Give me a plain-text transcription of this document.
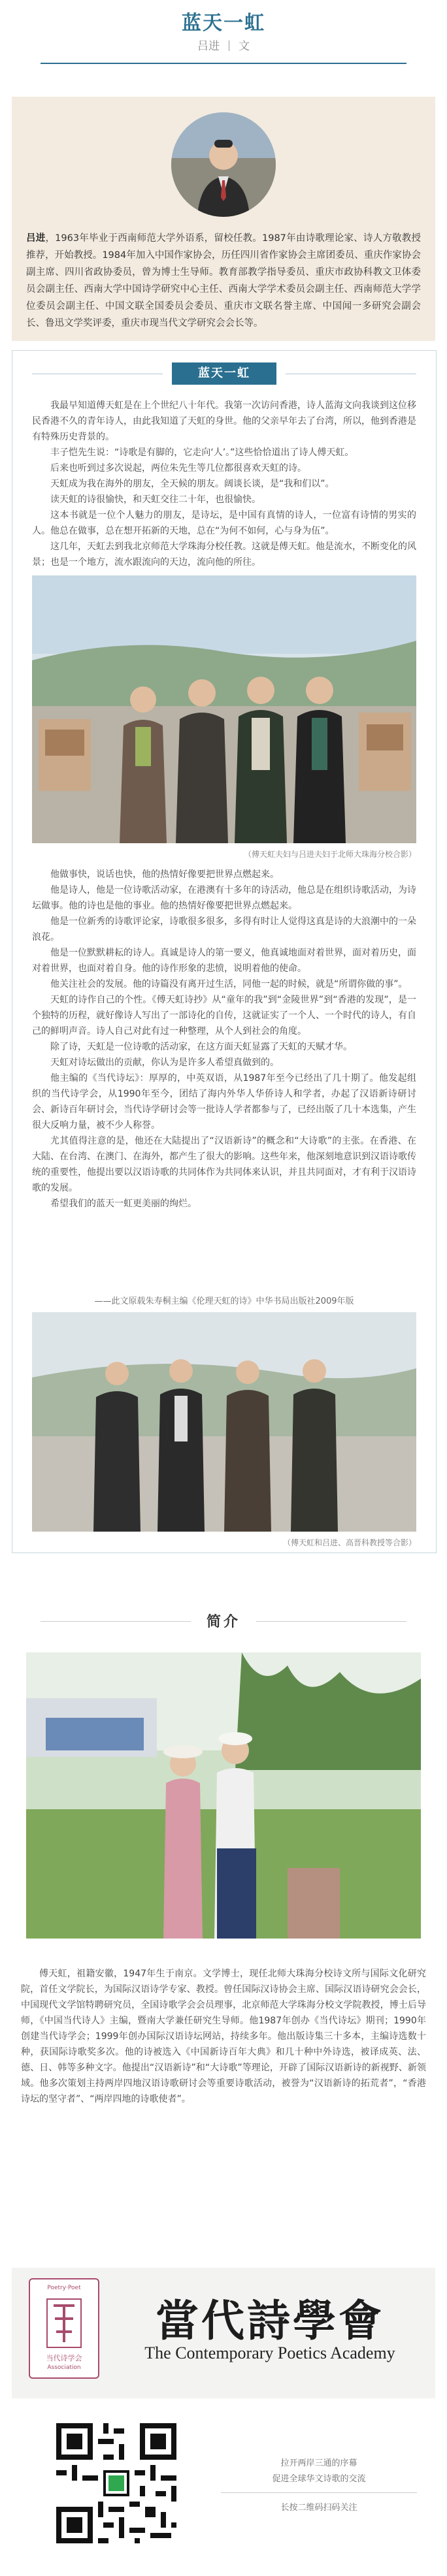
蓝天一虹
吕进 文
吕进，1963年毕业于西南师范大学外语系，留校任教。1987年由诗歌理论家、诗人方敬教授推荐，开始教授。1984年加入中国作家协会，历任四川省作家协会主席团委员、重庆作家协会副主席、四川省政协委员，曾为博士生导师。教育部教学指导委员、重庆市政协科教文卫体委员会副主任、西南大学中国诗学研究中心主任、西南大学学术委员会副主任、西南师范大学学位委员会副主任、中国文联全国委员会委员、重庆市文联名誉主席、中国闻一多研究会副会长、鲁迅文学奖评委，重庆市现当代文学研究会会长等。
蓝天一虹

我最早知道傅天虹是在上个世纪八十年代。我第一次访问香港，诗人蓝海文向我谈到这位移民香港不久的青年诗人，由此我知道了天虹的身世。他的父亲早年去了台湾，所以，他到香港是有特殊历史背景的。

丰子恺先生说：“诗歌是有脚的，它走向‘人’。”这些恰恰道出了诗人傅天虹。

后来也听到过多次说起，两位朱先生等几位都很喜欢天虹的诗。

天虹成为我在海外的朋友，全天候的朋友。阔谈长谈，是“我和们以”。

读天虹的诗很愉快，和天虹交往二十年，也很愉快。

这本书就是一位个人魅力的朋友，是诗坛，是中国有真情的诗人，一位富有诗情的男实的人。他总在做事，总在想开拓新的天地，总在“为何不如何，心与身为伍”。

这几年，天虹去到我北京师范大学珠海分校任教。这就是傅天虹。他是流水，不断变化的风景；也是一个地方，流水跟流向的天边，流向他的所往。

（傅天虹夫妇与吕进夫妇于北师大珠海分校合影）

他做事快，说话也快，他的热情好像要把世界点燃起来。

他是诗人，他是一位诗歌活动家，在港澳有十多年的诗活动，他总是在组织诗歌活动，为诗坛做事。他的诗也是他的事业。他的热情好像要把世界点燃起来。

他是一位新秀的诗歌评论家，诗歌很多很多，多得有时让人觉得这真是诗的大浪潮中的一朵浪花。

他是一位默默耕耘的诗人。真诚是诗人的第一要义，他真诚地面对着世界，面对着历史，面对着世界，也面对着自身。他的诗作形象的悲愤，说明着他的使命。

他关注社会的发展。他的诗篇没有离开过生活，同他一起的时候，就是“所谓你做的事”。

天虹的诗作自己的个性。《傅天虹诗抄》从“童年的我”到“金陵世界”到“香港的发现”，是一个独特的历程，就好像诗人写出了一部诗化的自传，这就证实了一个人、一个时代的诗人，有自己的鲜明声音。诗人自己对此有过一种整理，从个人到社会的角度。

除了诗，天虹是一位诗歌的活动家，在这方面天虹显露了天虹的天赋才华。

天虹对诗坛做出的贡献，你认为是许多人希望真做到的。

他主编的《当代诗坛》：厚厚的，中英双语，从1987年至今已经出了几十期了。他发起组织的当代诗学会，从1990年至今，团结了海内外华人华侨诗人和学者，办起了汉语新诗研讨会、新诗百年研讨会，当代诗学研讨会等一批诗人学者都参与了，已经出版了几十本选集，产生很大反响力量，被不少人称誉。

尤其值得注意的是，他还在大陆提出了“汉语新诗”的概念和“大诗歌”的主张。在香港、在大陆、在台湾、在澳门、在海外，都产生了很大的影响。这些年来，他深刻地意识到汉语诗歌传统的重要性，他提出要以汉语诗歌的共同体作为共同体来认识，并且共同面对，才有利于汉语诗歌的发展。

希望我们的蓝天一虹更美丽的绚烂。

——此文原载朱寿桐主编《伦理天虹的诗》中华书局出版社2009年版
（傅天虹和吕进、高晋科教授等合影）
简介

傅天虹，祖籍安徽，1947年生于南京。文学博士，现任北师大珠海分校诗文所与国际文化研究院，首任文学院长，为国际汉语诗学专家、教授。曾任国际汉诗协会主席、国际汉语诗研究会会长，中国现代文学馆特聘研究员，全国诗歌学会会员理事，北京师范大学珠海分校文学院教授，博士后导师，《中国当代诗人》主编，暨南大学兼任研究生导师。他1987年创办《当代诗坛》期刊；1990年创建当代诗学会；1999年创办国际汉语诗坛网站，持续多年。他出版诗集三十多本，主编诗选数十种，获国际诗歌奖多次。他的诗被选入《中国新诗百年大典》和几十种中外诗选，被译成英、法、德、日、韩等多种文字。他提出“汉语新诗”和“大诗歌”等理论，开辟了国际汉语新诗的新视野、新领域。他多次策划主持两岸四地汉语诗歌研讨会等重要诗歌活动，被誉为“汉语新诗的拓荒者”，“香港诗坛的坚守者”、“两岸四地的诗歌使者”。

Poetry·Poet
当代诗学会
Association
當代詩學會
The Contemporary Poetics Academy
拉开两岸三通的序幕
促进全球华文诗歌的交流
长按二维码扫码关注
